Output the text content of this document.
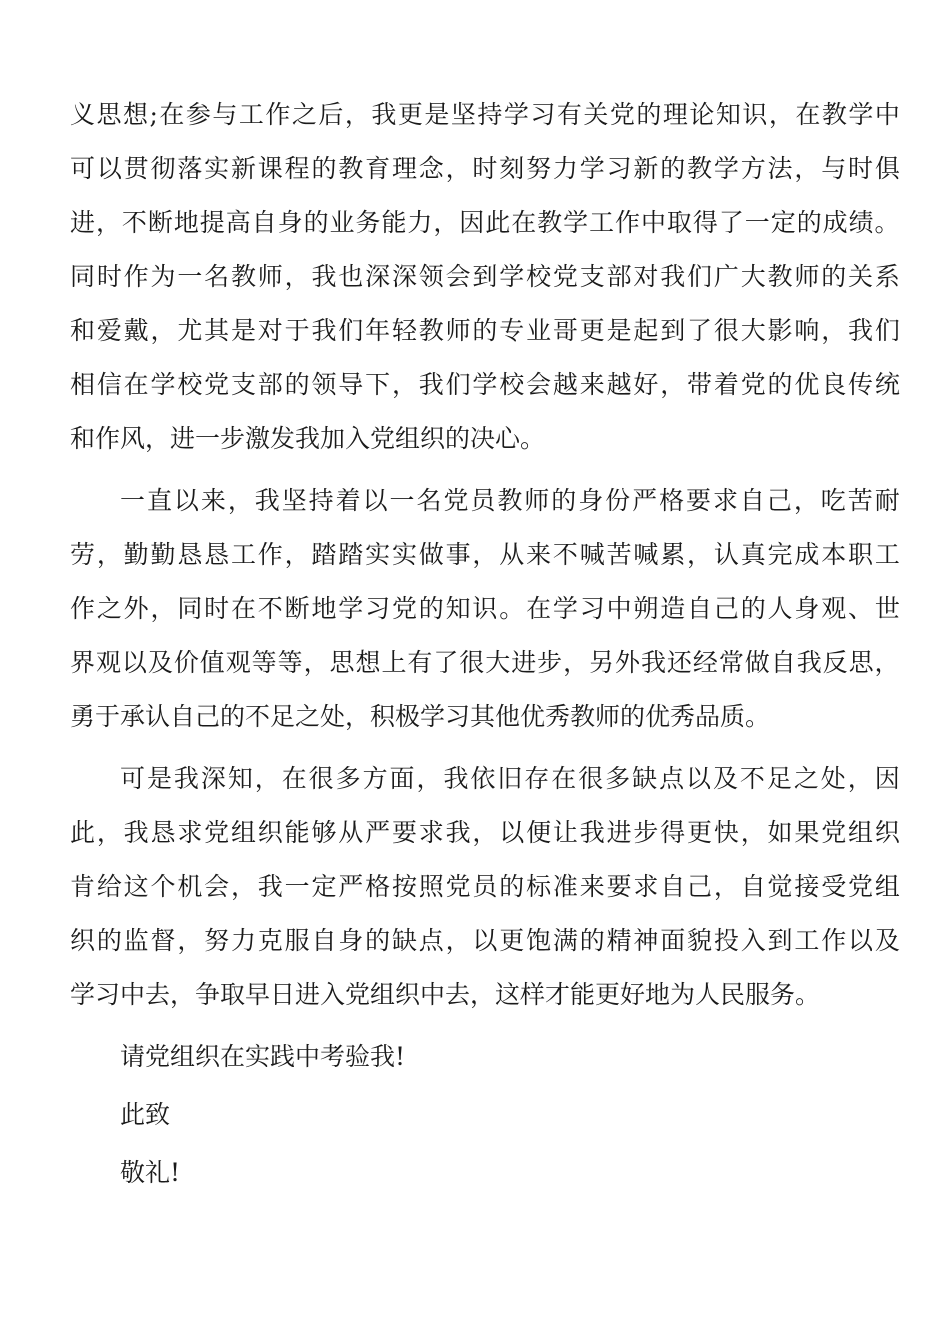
义 思 想 ; 在 参 与 工 作 之 后 ， 我 更 是 坚 持 学 习 有 关 党 的 理 论 知 识 ， 在 教 学 中
可 以 贯 彻 落 实 新 课 程 的 教 育 理 念 ， 时 刻 努 力 学 习 新 的 教 学 方 法 ， 与 时 俱
进 ， 不 断 地 提 高 自 身 的 业 务 能 力 ， 因 此 在 教 学 工 作 中 取 得 了 一 定 的 成 绩 。
同 时 作 为 一 名 教 师 ， 我 也 深 深 领 会 到 学 校 党 支 部 对 我 们 广 大 教 师 的 关 系
和 爱 戴 ， 尤 其 是 对 于 我 们 年 轻 教 师 的 专 业 哥 更 是 起 到 了 很 大 影 响 ， 我 们
相 信 在 学 校 党 支 部 的 领 导 下 ， 我 们 学 校 会 越 来 越 好 ， 带 着 党 的 优 良 传 统
和作风，进一步激发我加入党组织的决心。
一 直 以 来 ， 我 坚 持 着 以 一 名 党 员 教 师 的 身 份 严 格 要 求 自 己 ， 吃 苦 耐
劳 ， 勤 勤 恳 恳 工 作 ， 踏 踏 实 实 做 事 ， 从 来 不 喊 苦 喊 累 ， 认 真 完 成 本 职 工
作 之 外 ， 同 时 在 不 断 地 学 习 党 的 知 识 。 在 学 习 中 朔 造 自 己 的 人 身 观 、 世
界 观 以 及 价 值 观 等 等 ， 思 想 上 有 了 很 大 进 步 ， 另 外 我 还 经 常 做 自 我 反 思 ，
勇于承认自己的不足之处，积极学习其他优秀教师的优秀品质。
可 是 我 深 知 ， 在 很 多 方 面 ， 我 依 旧 存 在 很 多 缺 点 以 及 不 足 之 处 ， 因
此 ， 我 恳 求 党 组 织 能 够 从 严 要 求 我 ， 以 便 让 我 进 步 得 更 快 ， 如 果 党 组 织
肯 给 这 个 机 会 ， 我 一 定 严 格 按 照 党 员 的 标 准 来 要 求 自 己 ， 自 觉 接 受 党 组
织 的 监 督 ， 努 力 克 服 自 身 的 缺 点 ， 以 更 饱 满 的 精 神 面 貌 投 入 到 工 作 以 及
学习中去，争取早日进入党组织中去，这样才能更好地为人民服务。
请党组织在实践中考验我!
此致
敬礼!
